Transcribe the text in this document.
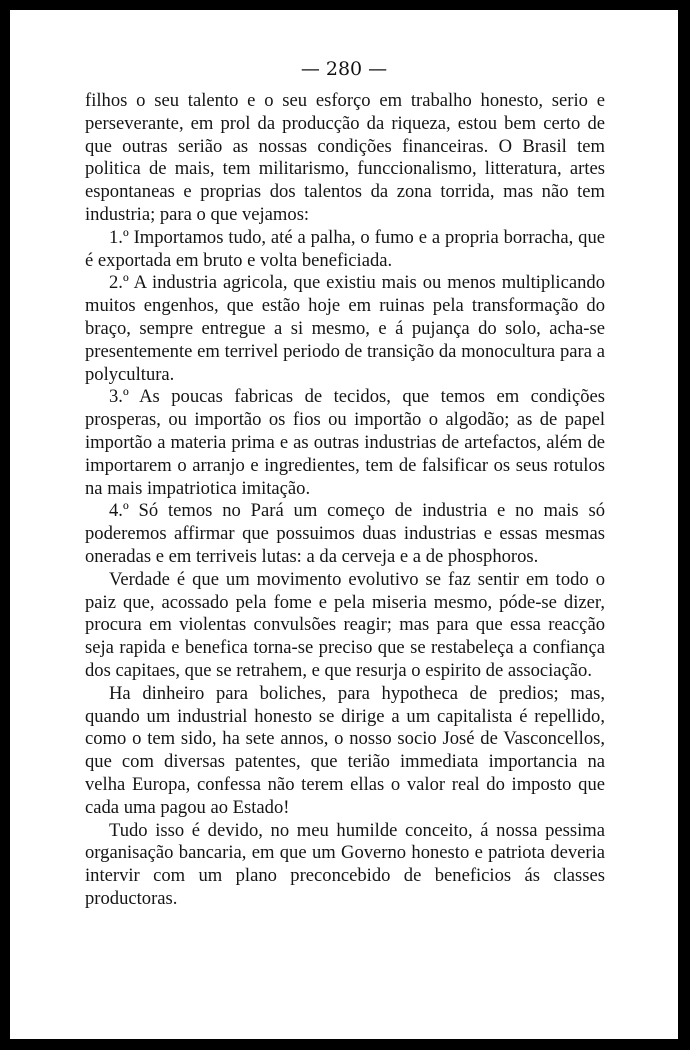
— 280 —

filhos o seu talento e o seu esforço em trabalho honesto, serio e perseverante, em prol da producção da riqueza, estou bem certo de que outras serião as nossas condições financeiras. O Brasil tem politica de mais, tem militarismo, funccionalismo, litteratura, artes espontaneas e proprias dos talentos da zona torrida, mas não tem industria; para o que vejamos:

1.º Importamos tudo, até a palha, o fumo e a propria borracha, que é exportada em bruto e volta beneficiada.

2.º A industria agricola, que existiu mais ou menos multiplicando muitos engenhos, que estão hoje em ruinas pela transformação do braço, sempre entregue a si mesmo, e á pujança do solo, acha-se presentemente em terrivel periodo de transição da monocultura para a polycultura.

3.º As poucas fabricas de tecidos, que temos em condições prosperas, ou importão os fios ou importão o algodão; as de papel importão a materia prima e as outras industrias de artefactos, além de importarem o arranjo e ingredientes, tem de falsificar os seus rotulos na mais impatriotica imitação.

4.º Só temos no Pará um começo de industria e no mais só poderemos affirmar que possuimos duas industrias e essas mesmas oneradas e em terriveis lutas: a da cerveja e a de phosphoros.

Verdade é que um movimento evolutivo se faz sentir em todo o paiz que, acossado pela fome e pela miseria mesmo, póde-se dizer, procura em violentas convulsões reagir; mas para que essa reacção seja rapida e benefica torna-se preciso que se restabeleça a confiança dos capitaes, que se retrahem, e que resurja o espirito de associação.

Ha dinheiro para boliches, para hypotheca de predios; mas, quando um industrial honesto se dirige a um capitalista é repellido, como o tem sido, ha sete annos, o nosso socio José de Vasconcellos, que com diversas patentes, que terião immediata importancia na velha Europa, confessa não terem ellas o valor real do imposto que cada uma pagou ao Estado!

Tudo isso é devido, no meu humilde conceito, á nossa pessima organisação bancaria, em que um Governo honesto e patriota deveria intervir com um plano preconcebido de beneficios ás classes productoras.
